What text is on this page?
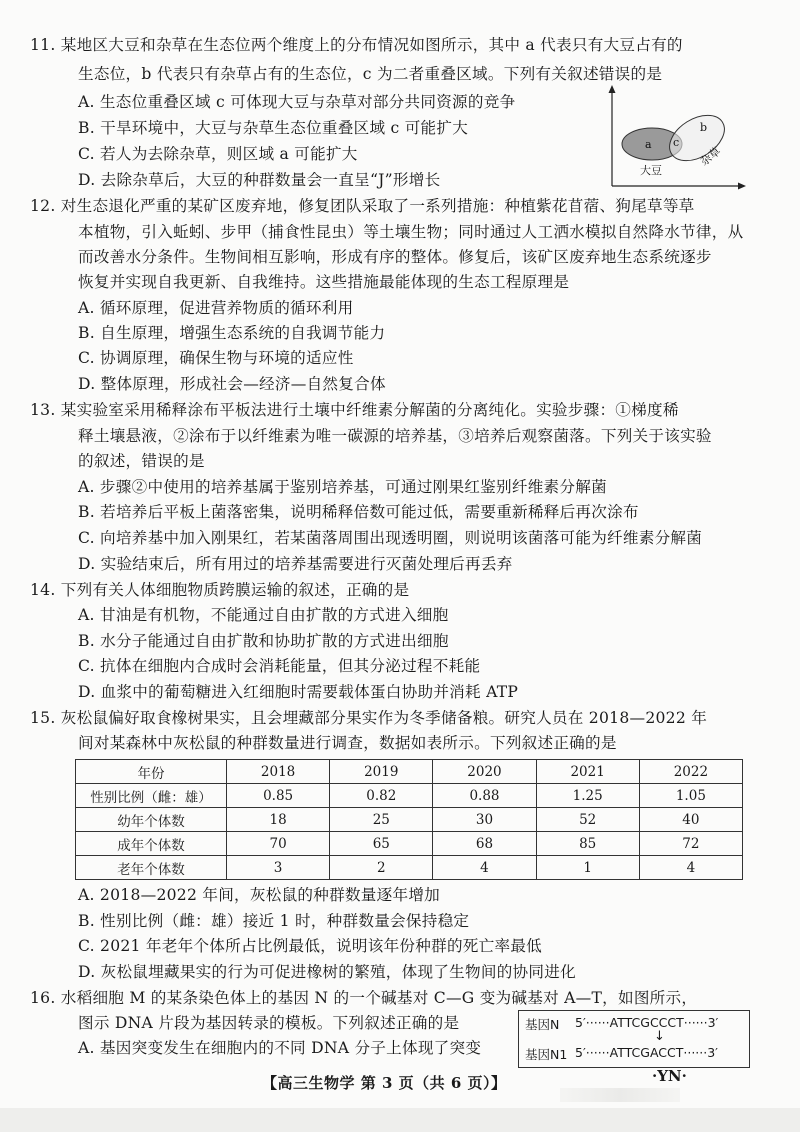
11. 某地区大豆和杂草在生态位两个维度上的分布情况如图所示，其中 a 代表只有大豆占有的
生态位，b 代表只有杂草占有的生态位，c 为二者重叠区域。下列有关叙述错误的是
A. 生态位重叠区域 c 可体现大豆与杂草对部分共同资源的竞争
B. 干旱环境中，大豆与杂草生态位重叠区域 c 可能扩大
C. 若人为去除杂草，则区域 a 可能扩大
D. 去除杂草后，大豆的种群数量会一直呈“J”形增长
a c
b
大豆
杂草
12. 对生态退化严重的某矿区废弃地，修复团队采取了一系列措施：种植紫花苜蓿、狗尾草等草
本植物，引入蚯蚓、步甲（捕食性昆虫）等土壤生物；同时通过人工洒水模拟自然降水节律，从
而改善水分条件。生物间相互影响，形成有序的整体。修复后，该矿区废弃地生态系统逐步
恢复并实现自我更新、自我维持。这些措施最能体现的生态工程原理是
A. 循环原理，促进营养物质的循环利用
B. 自生原理，增强生态系统的自我调节能力
C. 协调原理，确保生物与环境的适应性
D. 整体原理，形成社会—经济—自然复合体
13. 某实验室采用稀释涂布平板法进行土壤中纤维素分解菌的分离纯化。实验步骤：①梯度稀
释土壤悬液，②涂布于以纤维素为唯一碳源的培养基，③培养后观察菌落。下列关于该实验
的叙述，错误的是
A. 步骤②中使用的培养基属于鉴别培养基，可通过刚果红鉴别纤维素分解菌
B. 若培养后平板上菌落密集，说明稀释倍数可能过低，需要重新稀释后再次涂布
C. 向培养基中加入刚果红，若某菌落周围出现透明圈，则说明该菌落可能为纤维素分解菌
D. 实验结束后，所有用过的培养基需要进行灭菌处理后再丢弃
14. 下列有关人体细胞物质跨膜运输的叙述，正确的是
A. 甘油是有机物，不能通过自由扩散的方式进入细胞
B. 水分子能通过自由扩散和协助扩散的方式进出细胞
C. 抗体在细胞内合成时会消耗能量，但其分泌过程不耗能
D. 血浆中的葡萄糖进入红细胞时需要载体蛋白协助并消耗 ATP
15. 灰松鼠偏好取食橡树果实，且会埋藏部分果实作为冬季储备粮。研究人员在 2018—2022 年
间对某森林中灰松鼠的种群数量进行调查，数据如表所示。下列叙述正确的是
年份	2018	2019	2020	2021	2022
性别比例（雌：雄）	0.85	0.82	0.88	1.25	1.05
幼年个体数	18	25	30	52	40
成年个体数	70	65	68	85	72
老年个体数	3	2	4	1	4
A. 2018—2022 年间，灰松鼠的种群数量逐年增加
B. 性别比例（雌：雄）接近 1 时，种群数量会保持稳定
C. 2021 年老年个体所占比例最低，说明该年份种群的死亡率最低
D. 灰松鼠埋藏果实的行为可促进橡树的繁殖，体现了生物间的协同进化
16. 水稻细胞 M 的某条染色体上的基因 N 的一个碱基对 C—G 变为碱基对 A—T，如图所示，
图示 DNA 片段为基因转录的模板。下列叙述正确的是
A. 基因突变发生在细胞内的不同 DNA 分子上体现了突变
基因N 5′······ATTCGCCCT······3′
↓
基因N1 5′······ATTCGACCT······3′
【高三生物学 第 3 页（共 6 页）】	·YN·
